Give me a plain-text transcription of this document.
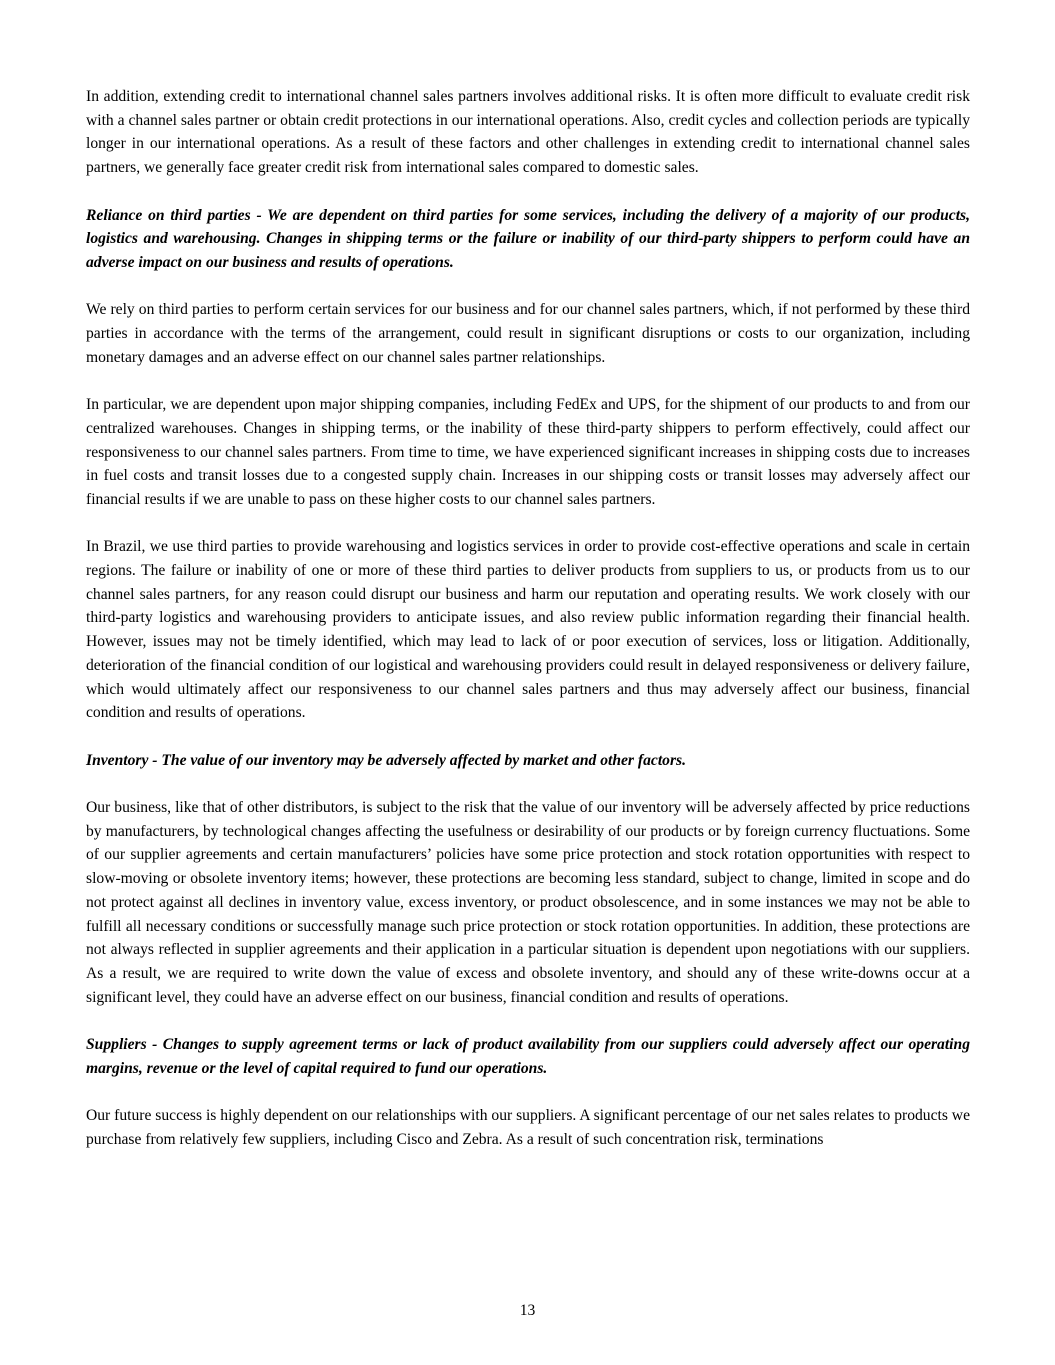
In addition, extending credit to international channel sales partners involves additional risks. It is often more difficult to evaluate credit risk with a channel sales partner or obtain credit protections in our international operations. Also, credit cycles and collection periods are typically longer in our international operations. As a result of these factors and other challenges in extending credit to international channel sales partners, we generally face greater credit risk from international sales compared to domestic sales.

Reliance on third parties - We are dependent on third parties for some services, including the delivery of a majority of our products, logistics and warehousing. Changes in shipping terms or the failure or inability of our third-party shippers to perform could have an adverse impact on our business and results of operations.

We rely on third parties to perform certain services for our business and for our channel sales partners, which, if not performed by these third parties in accordance with the terms of the arrangement, could result in significant disruptions or costs to our organization, including monetary damages and an adverse effect on our channel sales partner relationships.

In particular, we are dependent upon major shipping companies, including FedEx and UPS, for the shipment of our products to and from our centralized warehouses. Changes in shipping terms, or the inability of these third-party shippers to perform effectively, could affect our responsiveness to our channel sales partners. From time to time, we have experienced significant increases in shipping costs due to increases in fuel costs and transit losses due to a congested supply chain. Increases in our shipping costs or transit losses may adversely affect our financial results if we are unable to pass on these higher costs to our channel sales partners.

In Brazil, we use third parties to provide warehousing and logistics services in order to provide cost-effective operations and scale in certain regions. The failure or inability of one or more of these third parties to deliver products from suppliers to us, or products from us to our channel sales partners, for any reason could disrupt our business and harm our reputation and operating results. We work closely with our third-party logistics and warehousing providers to anticipate issues, and also review public information regarding their financial health. However, issues may not be timely identified, which may lead to lack of or poor execution of services, loss or litigation. Additionally, deterioration of the financial condition of our logistical and warehousing providers could result in delayed responsiveness or delivery failure, which would ultimately affect our responsiveness to our channel sales partners and thus may adversely affect our business, financial condition and results of operations.

Inventory - The value of our inventory may be adversely affected by market and other factors.

Our business, like that of other distributors, is subject to the risk that the value of our inventory will be adversely affected by price reductions by manufacturers, by technological changes affecting the usefulness or desirability of our products or by foreign currency fluctuations. Some of our supplier agreements and certain manufacturers’ policies have some price protection and stock rotation opportunities with respect to slow-moving or obsolete inventory items; however, these protections are becoming less standard, subject to change, limited in scope and do not protect against all declines in inventory value, excess inventory, or product obsolescence, and in some instances we may not be able to fulfill all necessary conditions or successfully manage such price protection or stock rotation opportunities. In addition, these protections are not always reflected in supplier agreements and their application in a particular situation is dependent upon negotiations with our suppliers. As a result, we are required to write down the value of excess and obsolete inventory, and should any of these write-downs occur at a significant level, they could have an adverse effect on our business, financial condition and results of operations.

Suppliers - Changes to supply agreement terms or lack of product availability from our suppliers could adversely affect our operating margins, revenue or the level of capital required to fund our operations.

Our future success is highly dependent on our relationships with our suppliers. A significant percentage of our net sales relates to products we purchase from relatively few suppliers, including Cisco and Zebra. As a result of such concentration risk, terminations

13
